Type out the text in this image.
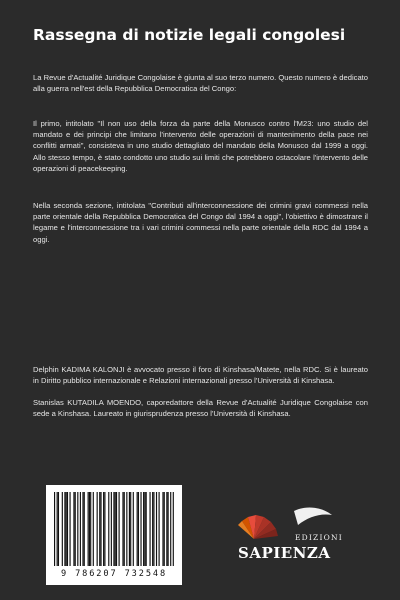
Rassegna di notizie legali congolesi

La Revue d'Actualité Juridique Congolaise è giunta al suo terzo numero. Questo numero è dedicato alla guerra nell'est della Repubblica Democratica del Congo:

Il primo, intitolato "Il non uso della forza da parte della Monusco contro l'M23: uno studio del mandato e dei principi che limitano l'intervento delle operazioni di mantenimento della pace nei conflitti armati", consisteva in uno studio dettagliato del mandato della Monusco dal 1999 a oggi. Allo stesso tempo, è stato condotto uno studio sui limiti che potrebbero ostacolare l'intervento delle operazioni di peacekeeping.

Nella seconda sezione, intitolata "Contributi all'interconnessione dei crimini gravi commessi nella parte orientale della Repubblica Democratica del Congo dal 1994 a oggi", l'obiettivo è dimostrare il legame e l'interconnessione tra i vari crimini commessi nella parte orientale della RDC dal 1994 a oggi.

Delphin KADIMA KALONJI è avvocato presso il foro di Kinshasa/Matete, nella RDC. Si è laureato in Diritto pubblico internazionale e Relazioni internazionali presso l'Università di Kinshasa.

Stanislas KUTADILA MOENDO, caporedattore della Revue d'Actualité Juridique Congolaise con sede a Kinshasa. Laureato in giurisprudenza presso l'Università di Kinshasa.

9 786207 732548
EDIZIONI
SAPIENZA
